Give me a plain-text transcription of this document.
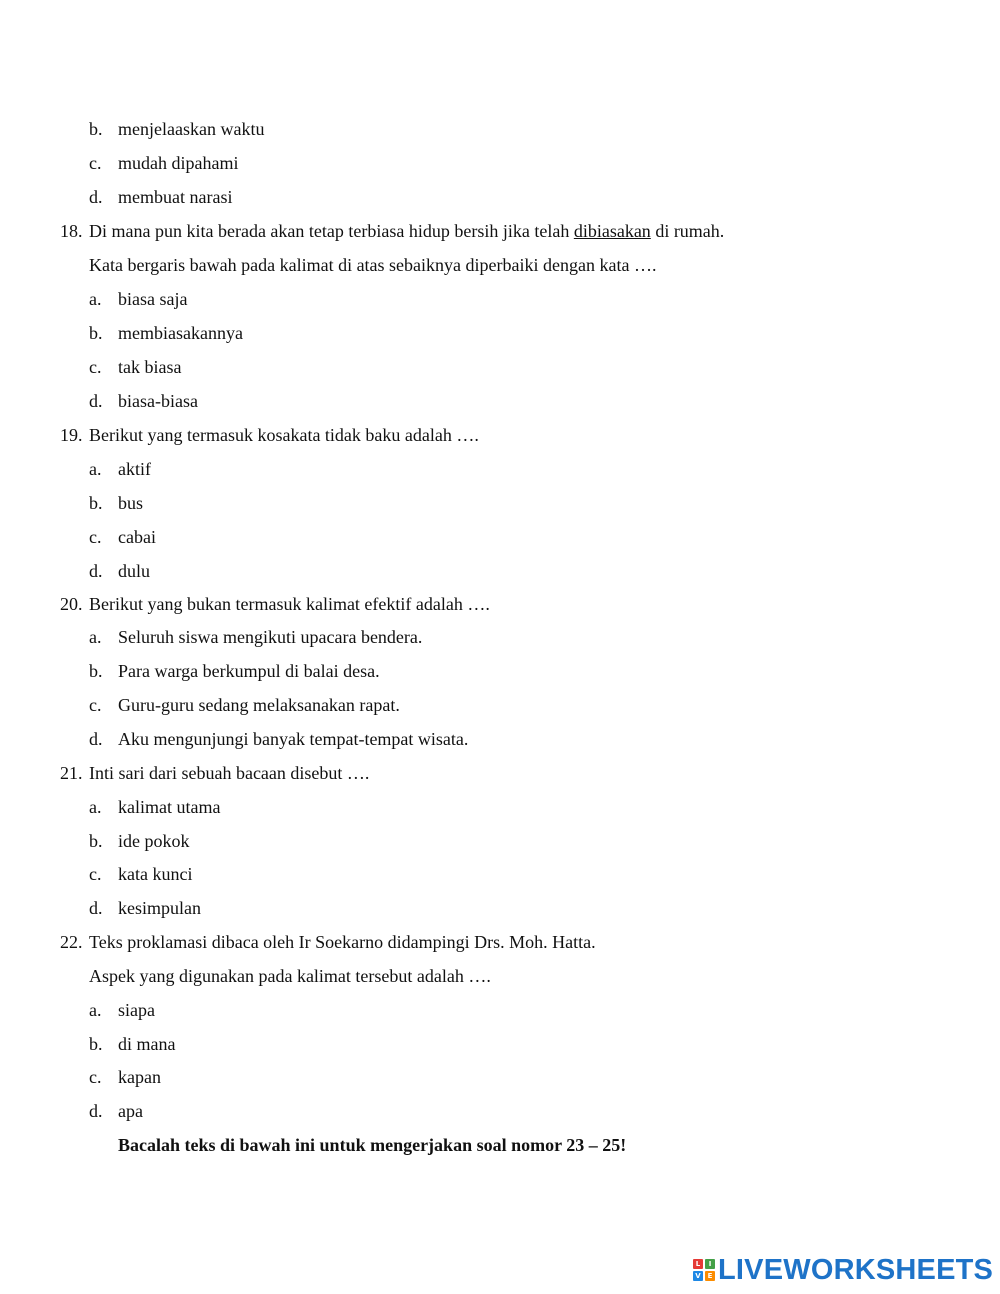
b. menjelaaskan waktu
c. mudah dipahami
d. membuat narasi
18. Di mana pun kita berada akan tetap terbiasa hidup bersih jika telah dibiasakan di rumah.
Kata bergaris bawah pada kalimat di atas sebaiknya diperbaiki dengan kata ….
a. biasa saja
b. membiasakannya
c. tak biasa
d. biasa-biasa
19. Berikut yang termasuk kosakata tidak baku adalah ….
a. aktif
b. bus
c. cabai
d. dulu
20. Berikut yang bukan termasuk kalimat efektif adalah ….
a. Seluruh siswa mengikuti upacara bendera.
b. Para warga berkumpul di balai desa.
c. Guru-guru sedang melaksanakan rapat.
d. Aku mengunjungi banyak tempat-tempat wisata.
21. Inti sari dari sebuah bacaan disebut ….
a. kalimat utama
b. ide pokok
c. kata kunci
d. kesimpulan
22. Teks proklamasi dibaca oleh Ir Soekarno didampingi Drs. Moh. Hatta.
Aspek yang digunakan pada kalimat tersebut adalah ….
a. siapa
b. di mana
c. kapan
d. apa
Bacalah teks di bawah ini untuk mengerjakan soal nomor 23 – 25!
L	I
V E LIVEWORKSHEETS
